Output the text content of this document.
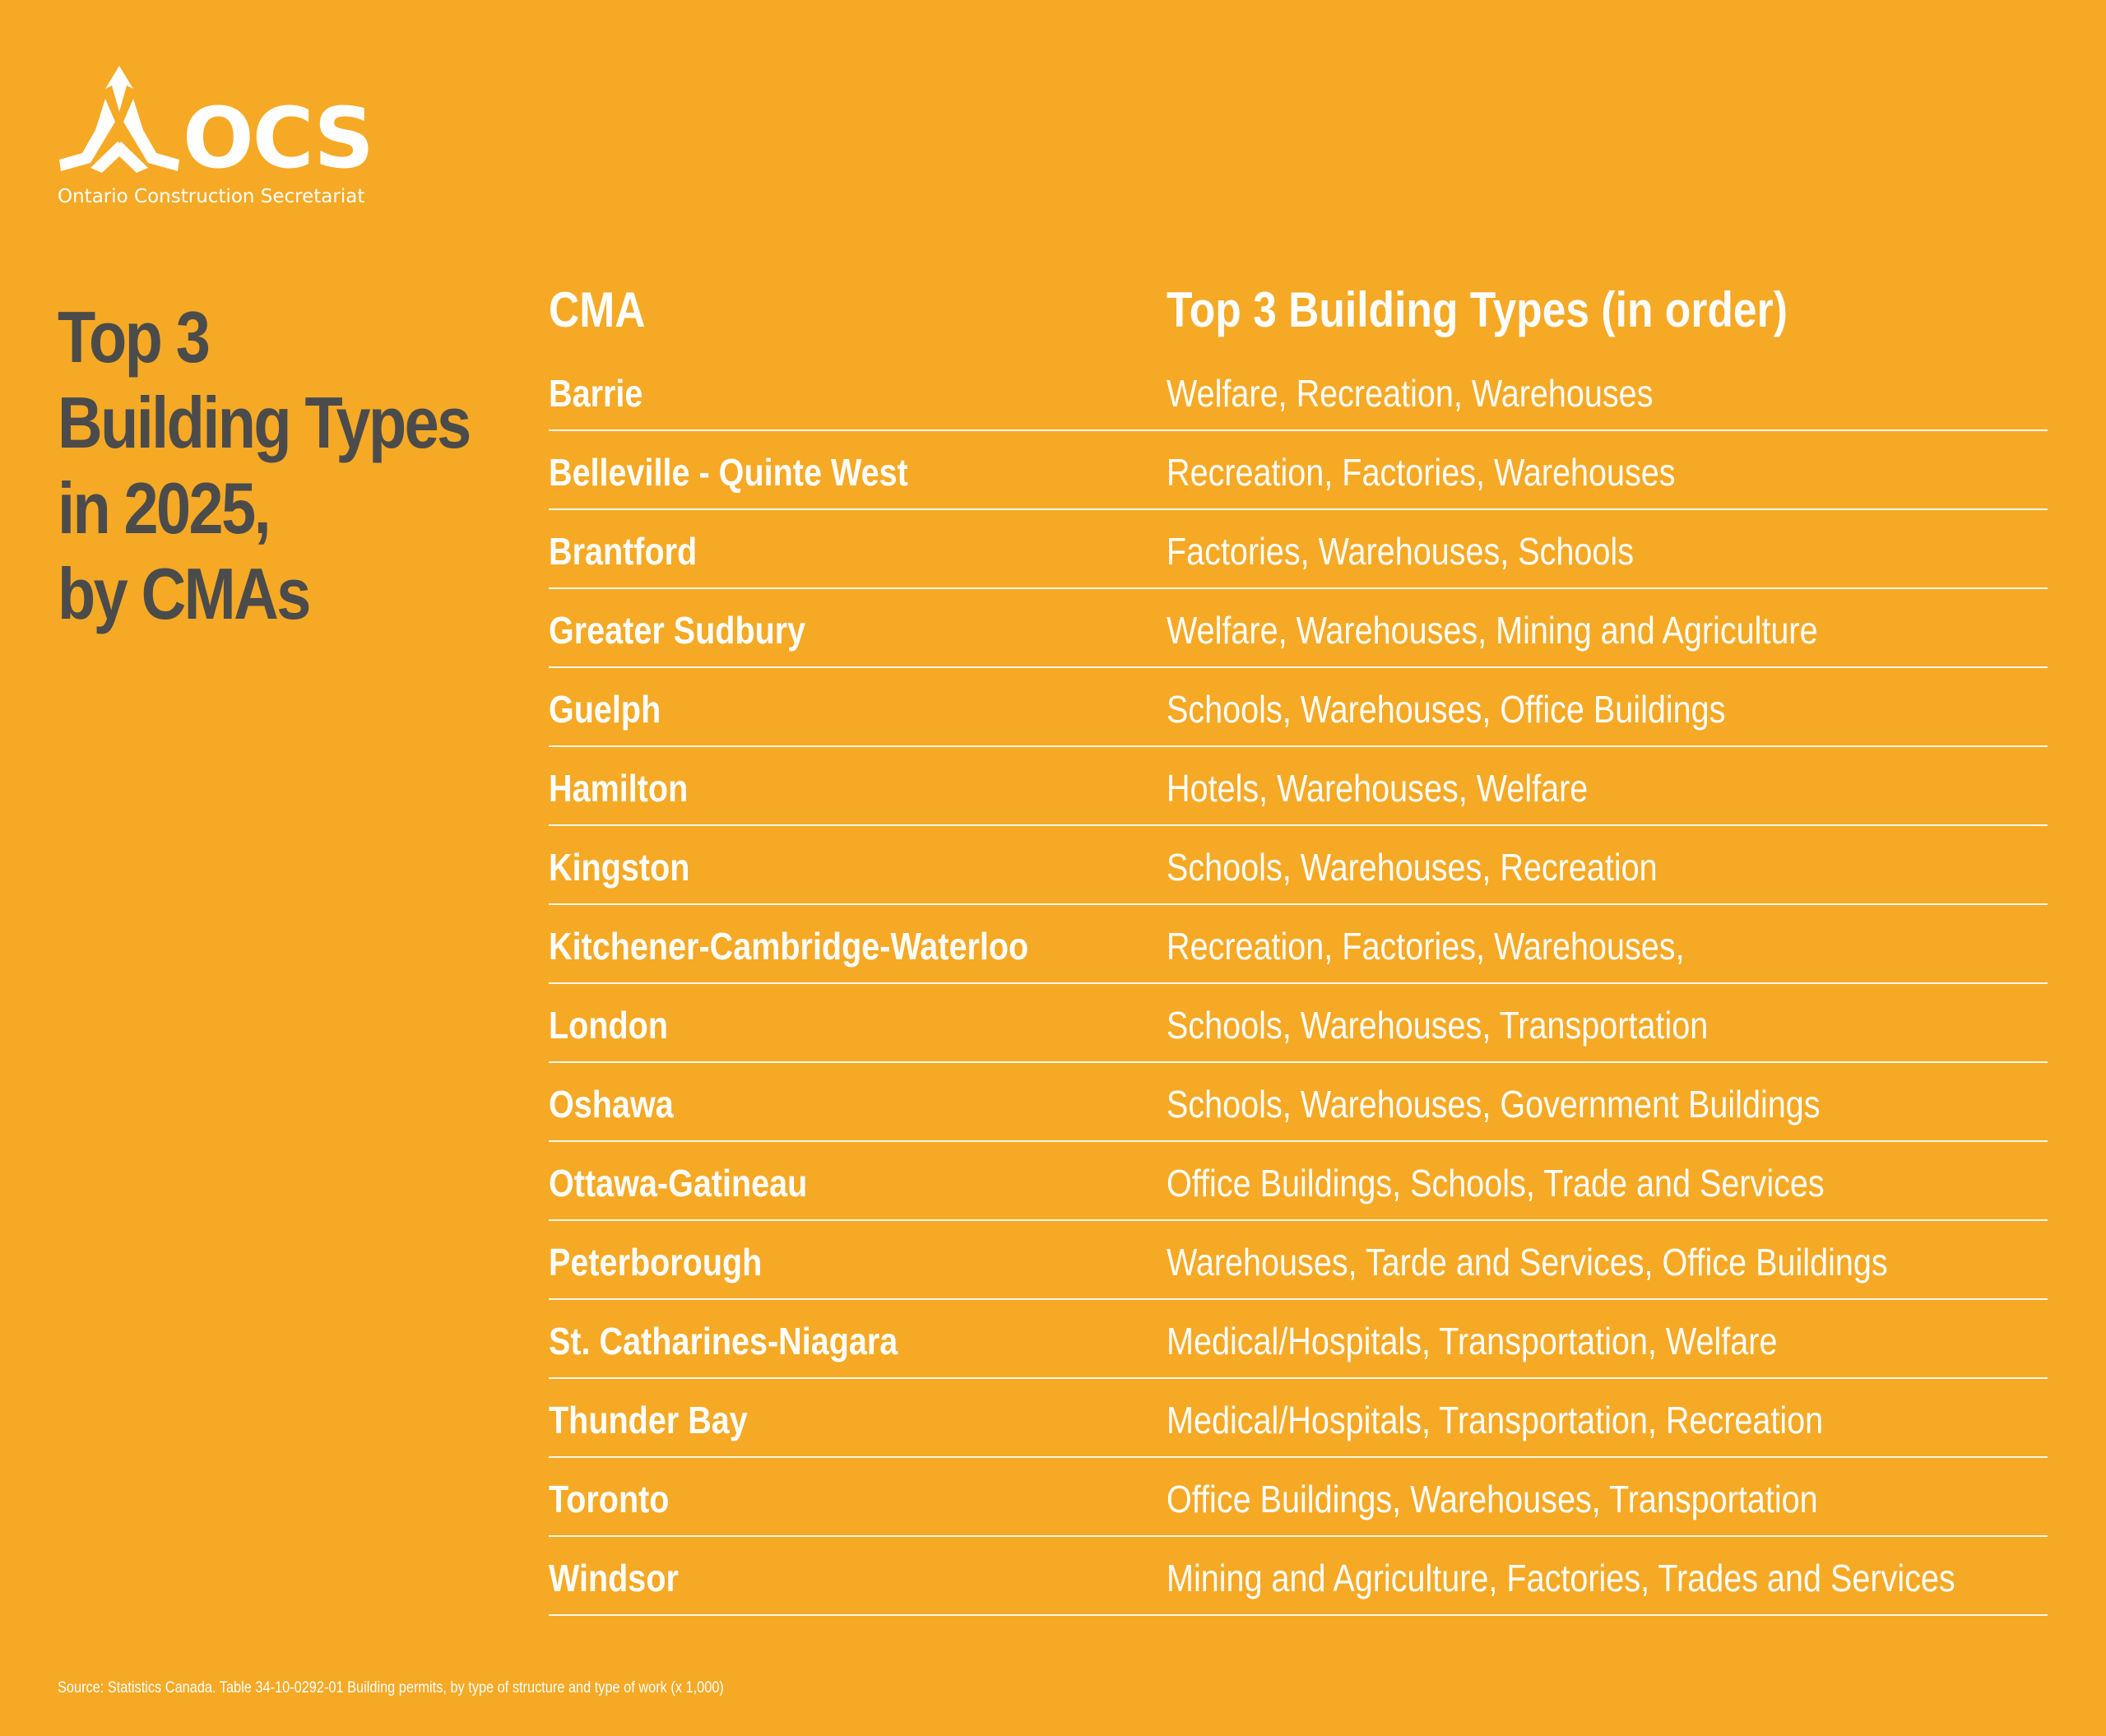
OCS
Ontario Construction Secretariat
Top 3
Building Types
in 2025,
by CMAs
CMA	Top 3 Building Types (in order)
Barrie	Welfare, Recreation, Warehouses
Belleville - Quinte West	Recreation, Factories, Warehouses
Brantford	Factories, Warehouses, Schools
Greater Sudbury	Welfare, Warehouses, Mining and Agriculture
Guelph	Schools, Warehouses, Office Buildings
Hamilton	Hotels, Warehouses, Welfare
Kingston	Schools, Warehouses, Recreation
Kitchener-Cambridge-Waterloo	Recreation, Factories, Warehouses,
London	Schools, Warehouses, Transportation
Oshawa	Schools, Warehouses, Government Buildings
Ottawa-Gatineau	Office Buildings, Schools, Trade and Services
Peterborough	Warehouses, Tarde and Services, Office Buildings
St. Catharines-Niagara	Medical/Hospitals, Transportation, Welfare
Thunder Bay	Medical/Hospitals, Transportation, Recreation
Toronto	Office Buildings, Warehouses, Transportation
Windsor	Mining and Agriculture, Factories, Trades and Services
Source: Statistics Canada. Table 34-10-0292-01 Building permits, by type of structure and type of work (x 1,000)
